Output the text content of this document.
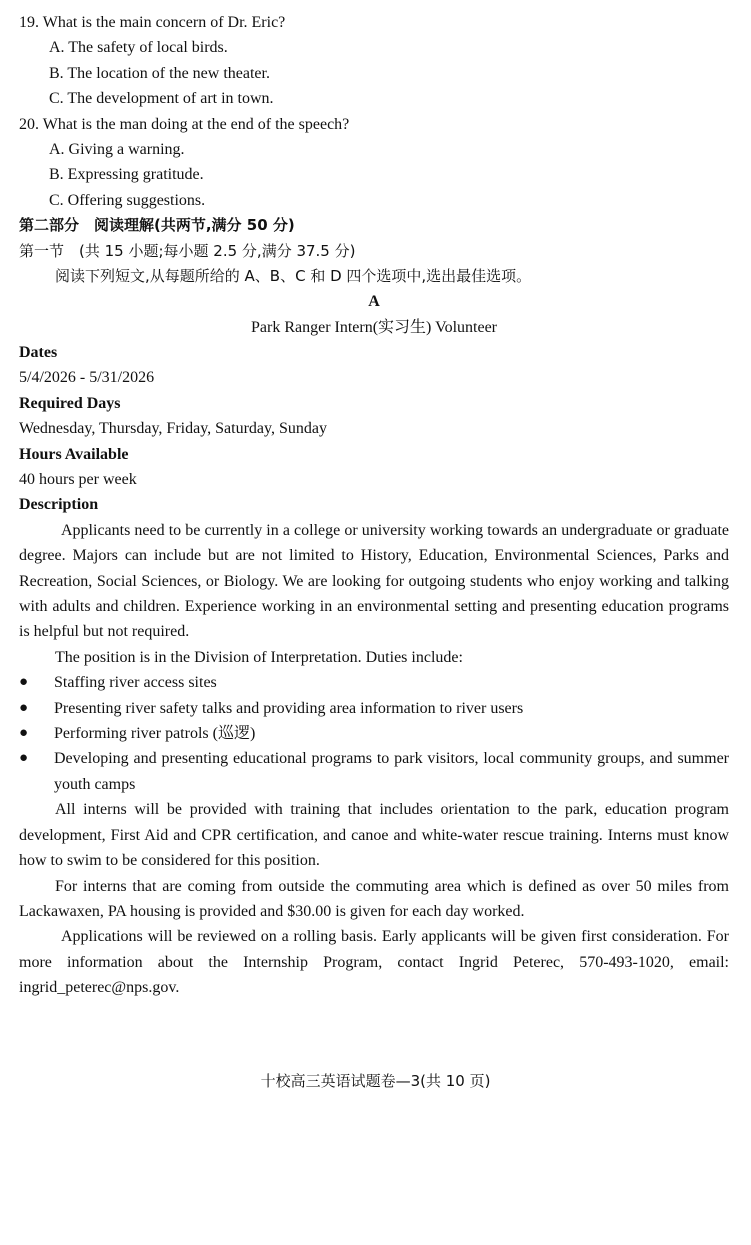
19. What is the main concern of Dr. Eric?
A. The safety of local birds.
B. The location of the new theater.
C. The development of art in town.
20. What is the man doing at the end of the speech?
A. Giving a warning.
B. Expressing gratitude.
C. Offering suggestions.
第二部分　阅读理解(共两节,满分 50 分)
第一节　(共 15 小题;每小题 2.5 分,满分 37.5 分)
阅读下列短文,从每题所给的 A、B、C 和 D 四个选项中,选出最佳选项。
A
Park Ranger Intern(实习生) Volunteer
Dates
5/4/2026 - 5/31/2026
Required Days
Wednesday, Thursday, Friday, Saturday, Sunday
Hours Available
40 hours per week
Description
Applicants need to be currently in a college or university working towards an undergraduate or graduate degree. Majors can include but are not limited to History, Education, Environmental Sciences, Parks and Recreation, Social Sciences, or Biology. We are looking for outgoing students who enjoy working and talking with adults and children. Experience working in an environmental setting and presenting education programs is helpful but not required.
The position is in the Division of Interpretation. Duties include:
● Staffing river access sites
● Presenting river safety talks and providing area information to river users
● Performing river patrols (巡逻)
● Developing and presenting educational programs to park visitors, local community groups, and summer youth camps
All interns will be provided with training that includes orientation to the park, education program development, First Aid and CPR certification, and canoe and white-water rescue training. Interns must know how to swim to be considered for this position.
For interns that are coming from outside the commuting area which is defined as over 50 miles from Lackawaxen, PA housing is provided and $30.00 is given for each day worked.
Applications will be reviewed on a rolling basis. Early applicants will be given first consideration. For more information about the Internship Program, contact Ingrid Peterec, 570-493-1020, email: ingrid_peterec@nps.gov.
十校高三英语试题卷—3(共 10 页)
